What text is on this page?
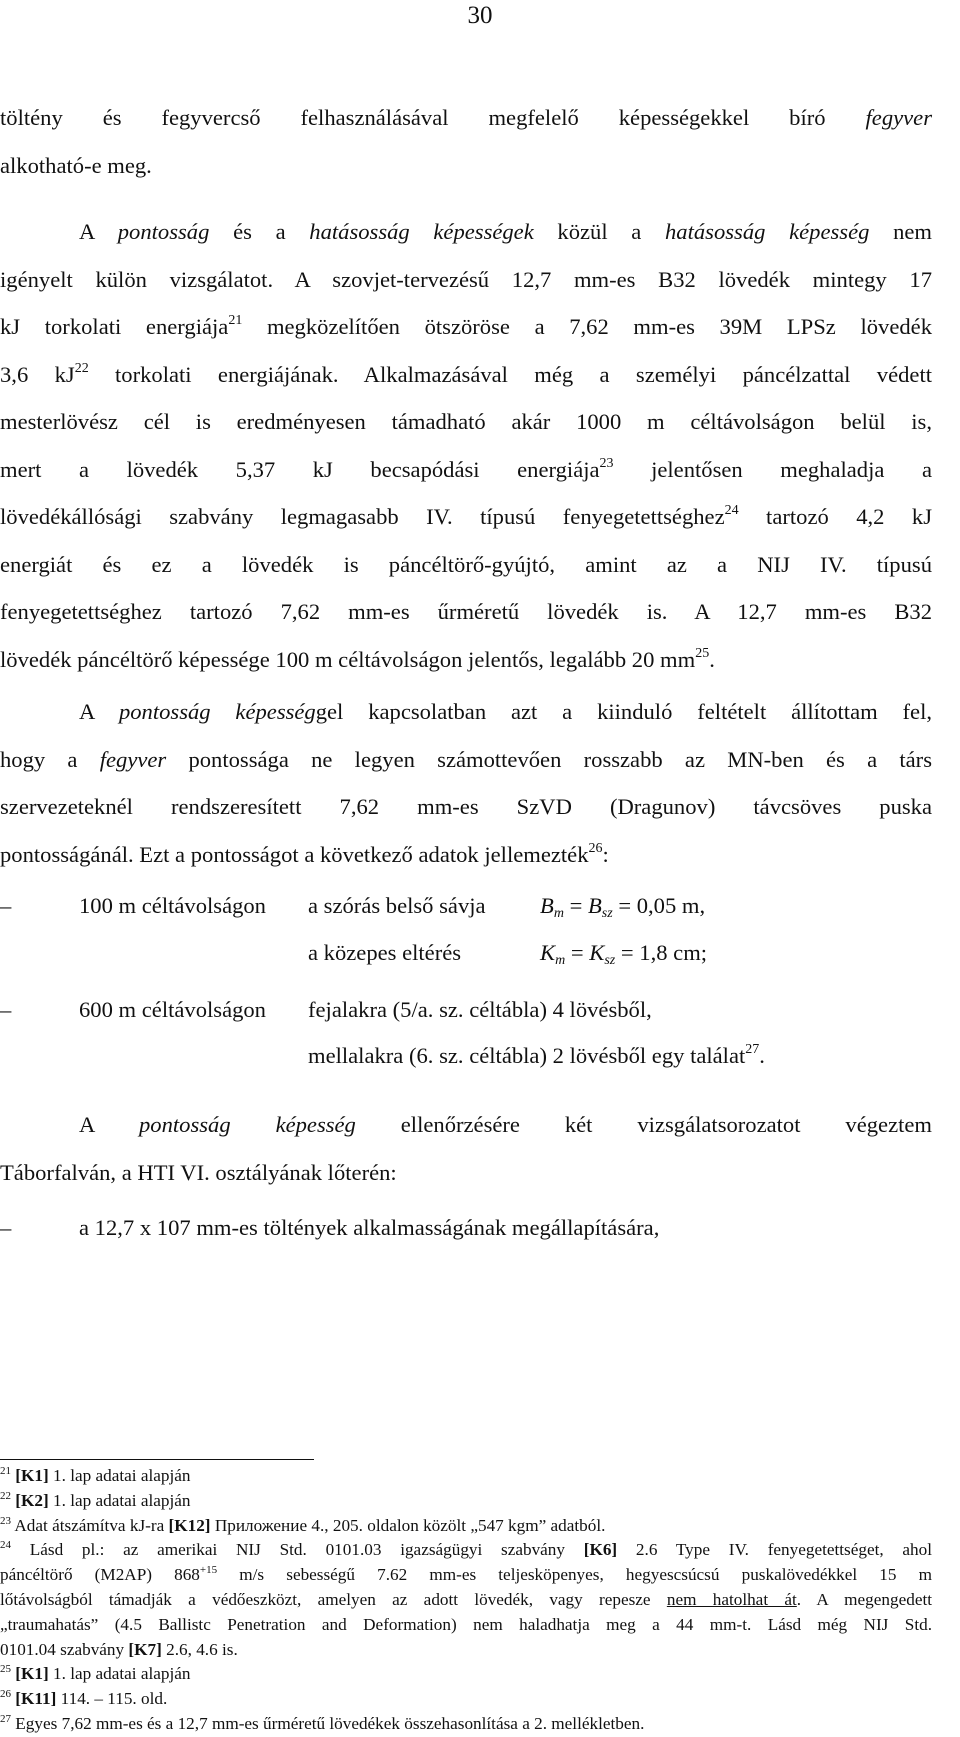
30
töltény és fegyvercső felhasználásával megfelelő képességekkel bíró fegyver
alkotható-e meg.
A pontosság és a hatásosság képességek közül a hatásosság képesség nem
igényelt külön vizsgálatot. A szovjet-tervezésű 12,7 mm-es B32 lövedék mintegy 17
kJ torkolati energiája$^{21}$ megközelítően ötszöröse a 7,62 mm-es 39M LPSz lövedék
3,6 $kJ^{22}$ torkolati energiájának. Alkalmazásával még a személyi páncélzattal védett
mesterlövész cél is eredményesen támadható akár 1000 m céltávolságon belül is,
mert a lövedék 5,37 kJ becsapódási energiája$^{23}$ jelentősen meghaladja a
lövedékállósági szabvány legmagasabb IV. típusú fenyegetettséghez$^{24}$ tartozó 4,2 kJ
energiát és ez a lövedék is páncéltörő-gyújtó, amint az a NIJ IV. típusú
fenyegetettséghez tartozó 7,62 mm-es űrméretű lövedék is. A 12,7 mm-es B32
lövedék páncéltörő képessége 100 m céltávolságon jelentős, legalább 20 $mm^{25}$.
A pontosság képességgel kapcsolatban azt a kiinduló feltételt állítottam fel,
hogy a fegyver pontossága ne legyen számottevően rosszabb az MN-ben és a társ
szervezeteknél rendszeresített 7,62 mm-es SzVD (Dragunov) távcsöves puska
pontosságánál. Ezt a pontosságot a következő adatok jellemezték$^{26}$:
–	100 m céltávolságon a szórás belső sávja $B_m = B_{sz} = 0,05$ m,
a közepes eltérés	$K_m = K_{sz} = 1,8$ cm;
–	600 m céltávolságon fejalakra (5/a. sz. céltábla) 4 lövésből,
mellalakra (6. sz. céltábla) 2 lövésből egy találat$^{27}$.
A pontosság képesség ellenőrzésére két vizsgálatsorozatot végeztem
Táborfalván, a HTI VI. osztályának lőterén:
–	a 12,7 x 107 mm-es töltények alkalmasságának megállapítására,
$^{21}$ [K1] 1. lap adatai alapján
$^{22}$ [K2] 1. lap adatai alapján
$^{23}$ Adat átszámítva kJ-ra [K12] Приложение 4., 205. oldalon közölt „547 kgm” adatból.
$^{24}$ Lásd pl.: az amerikai NIJ Std. 0101.03 igazságügyi szabvány [K6] 2.6 Type IV. fenyegetettséget, ahol
páncéltörő (M2AP) $868^{+15}$ m/s sebességű 7.62 mm-es teljesköpenyes, hegyescsúcsú puskalövedékkel 15 m
lőtávolságból támadják a védőeszközt, amelyen az adott lövedék, vagy repesze nem hatolhat át. A megengedett
„traumahatás” (4.5 Ballistc Penetration and Deformation) nem haladhatja meg a 44 mm-t. Lásd még NIJ Std.
0101.04 szabvány [K7] 2.6, 4.6 is.
$^{25}$ [K1] 1. lap adatai alapján
$^{26}$ [K11] 114. – 115. old.
$^{27}$ Egyes 7,62 mm-es és a 12,7 mm-es űrméretű lövedékek összehasonlítása a 2. mellékletben.
